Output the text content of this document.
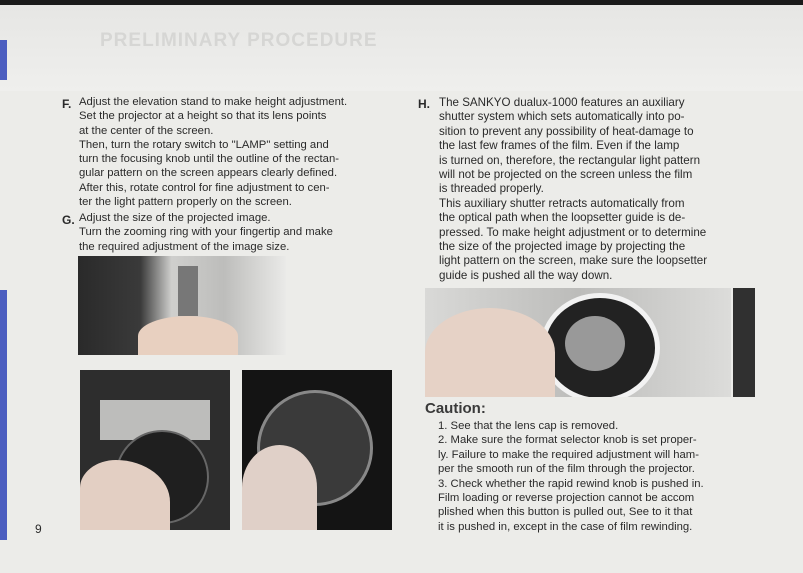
PRELIMINARY PROCEDURE
F. Adjust the elevation stand to make height adjustment.
Set the projector at a height so that its lens points
at the center of the screen.
Then, turn the rotary switch to "LAMP" setting and
turn the focusing knob until the outline of the rectan-
gular pattern on the screen appears clearly defined.
After this, rotate control for fine adjustment to cen-
ter the light pattern properly on the screen.
G. Adjust the size of the projected image.
Turn the zooming ring with your fingertip and make
the required adjustment of the image size.
H. The SANKYO dualux-1000 features an auxiliary
shutter system which sets automatically into po-
sition to prevent any possibility of heat-damage to
the last few frames of the film. Even if the lamp
is turned on, therefore, the rectangular light pattern
will not be projected on the screen unless the film
is threaded properly.
This auxiliary shutter retracts automatically from
the optical path when the loopsetter guide is de-
pressed. To make height adjustment or to determine
the size of the projected image by projecting the
light pattern on the screen, make sure the loopsetter
guide is pushed all the way down.
Caution:
1. See that the lens cap is removed.
2. Make sure the format selector knob is set proper-
ly. Failure to make the required adjustment will ham-
per the smooth run of the film through the projector.
3. Check whether the rapid rewind knob is pushed in.
Film loading or reverse projection cannot be accom
plished when this button is pulled out, See to it that
it is pushed in, except in the case of film rewinding.
9
